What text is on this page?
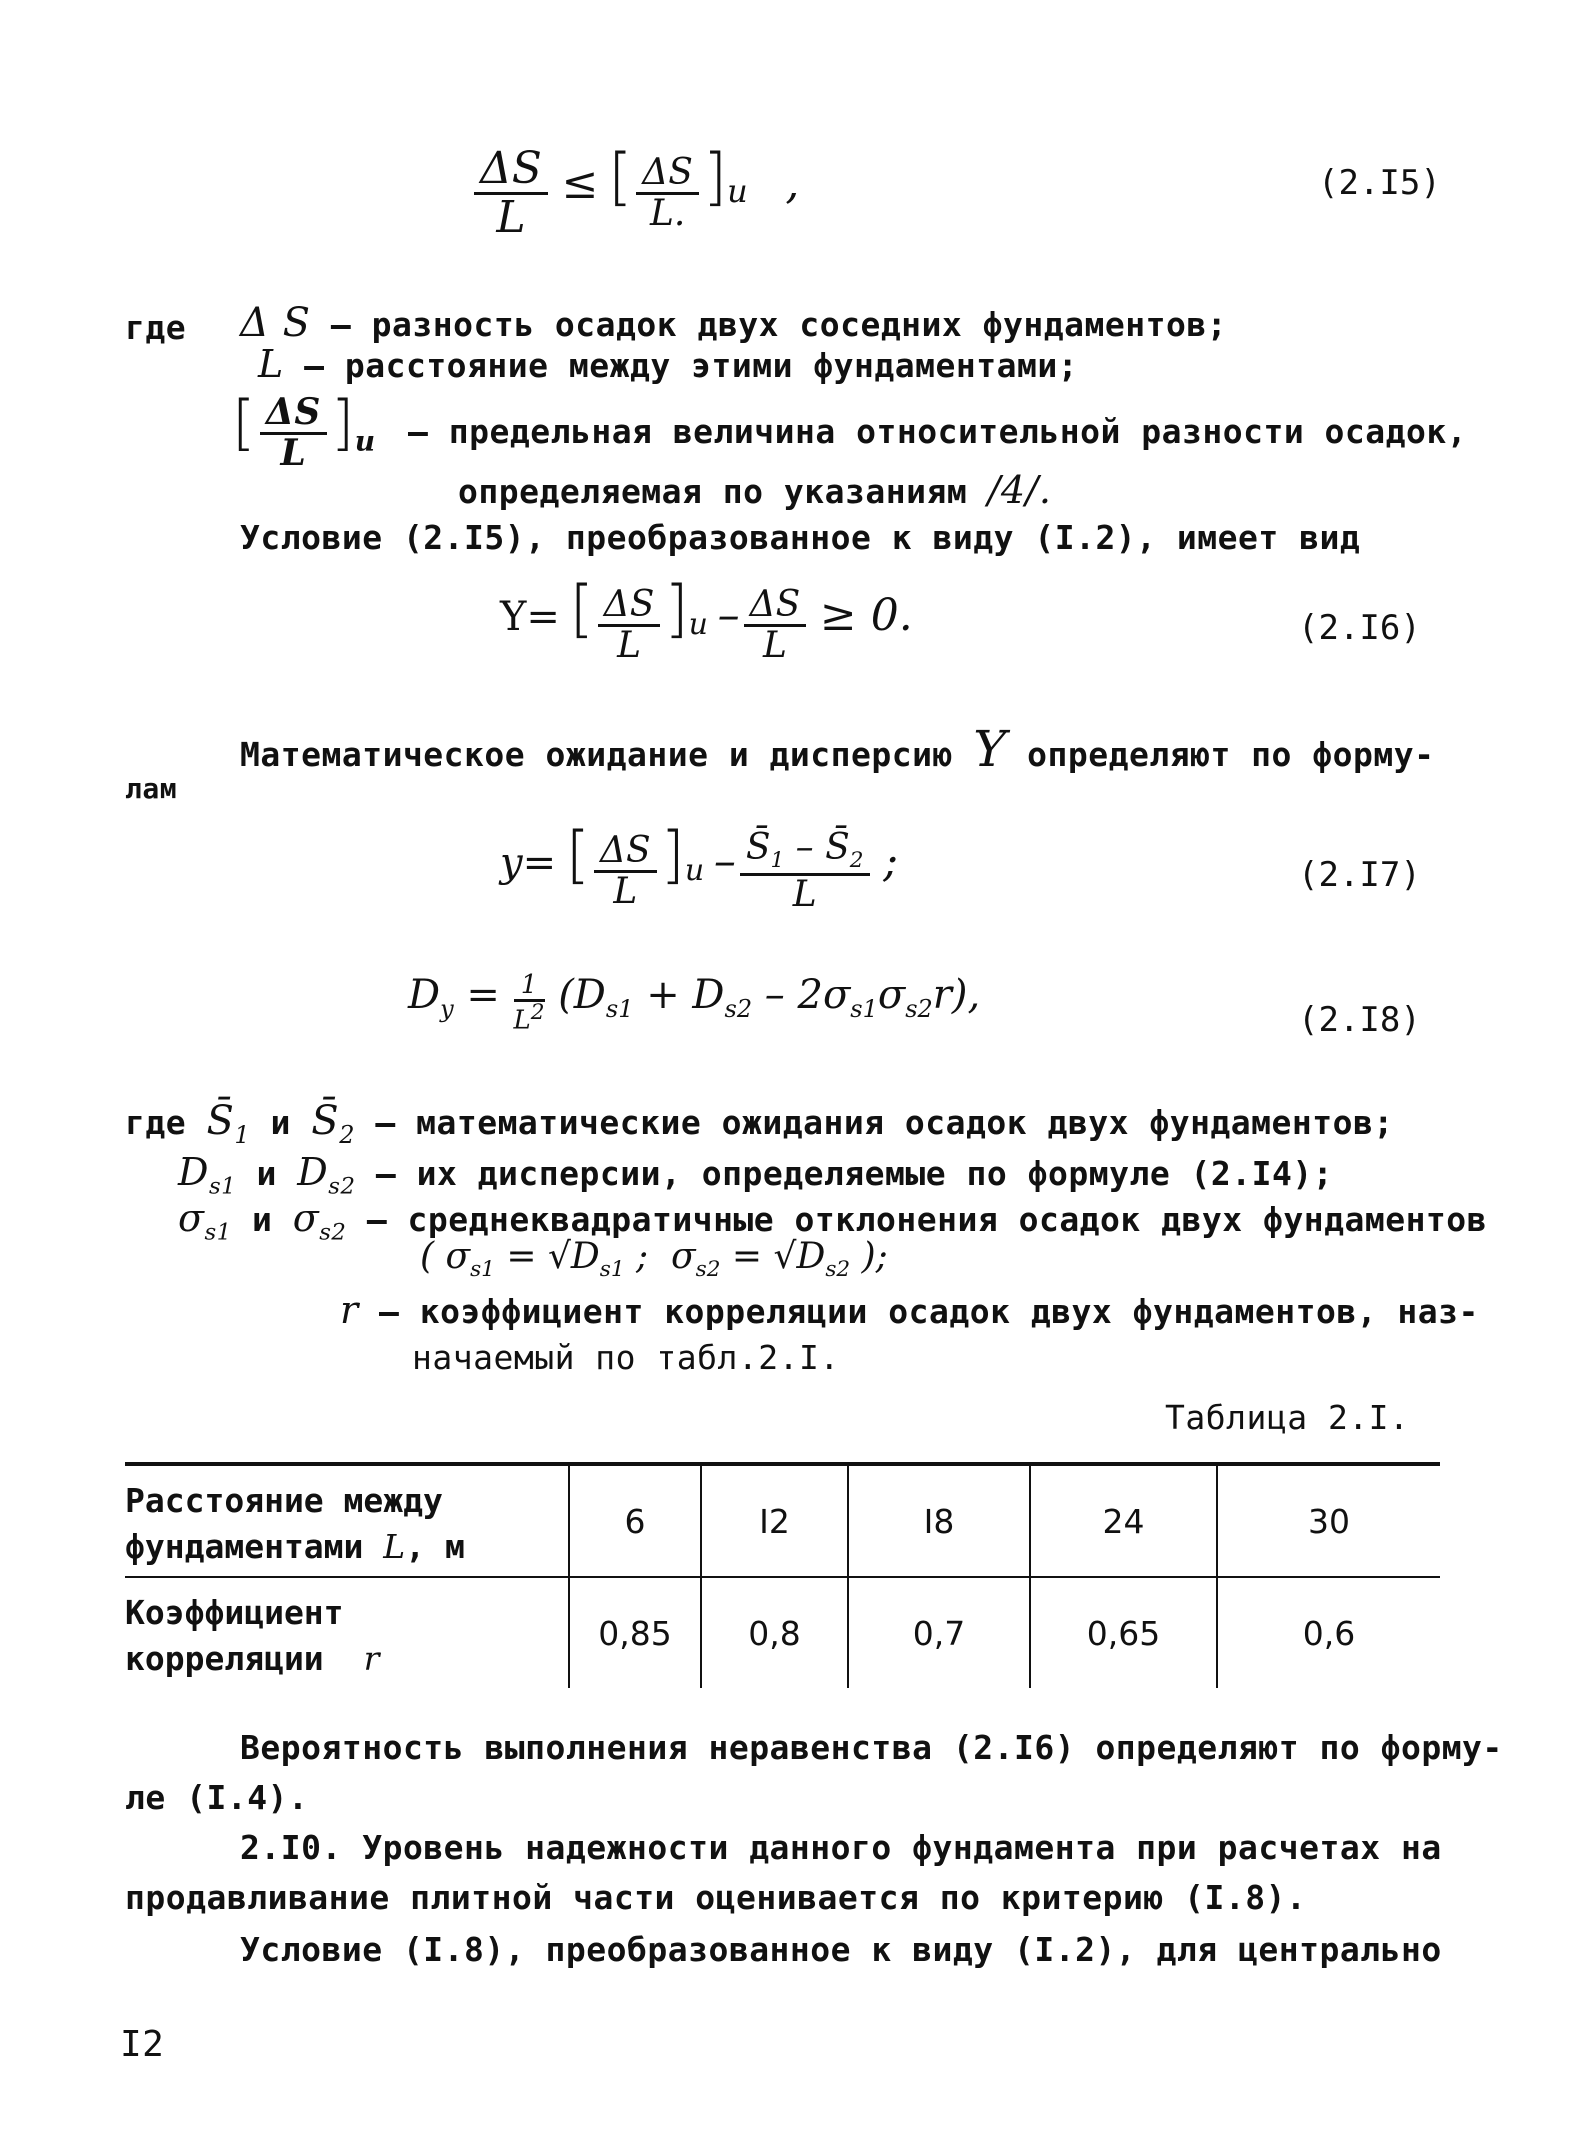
$\frac{\Delta S}{L}$ ≤ [ $\frac{\Delta S}{L.} ]_u$ ,	(2.I5)
где Δ S – разность осадок двух соседних фундаментов;
L – расстояние между этими фундаментами;
[ $\frac{\Delta S}{L} ]_u$ – предельная величина относительной разности осадок,
определяемая по указаниям /4/.
Условие (2.I5), преобразованное к виду (I.2), имеет вид
Y= [ $\frac{\Delta S}{L} ]_u - \frac{\Delta S}{L} \ge 0$.	(2.I6)
Математическое ожидание и дисперсию Y определяют по форму-
лам
y= [ $\frac{\Delta S}{L} ]_u - \frac{S̄_1 - S̄_2}{L}$ ;	(2.I7)
$D_y = \frac{1}{L^2} (D_{s1} + D_{s2} - 2\sigma_{s1}\sigma_{s2}r)$,
(2.I8)
где $S̄_1$ и $S̄_2$ – математические ожидания осадок двух фундаментов;
$D_{s1}$ и $D_{s2}$ – их дисперсии, определяемые по формуле (2.I4);
$\sigma_{s1}$ и $\sigma_{s2}$ – среднеквадратичные отклонения осадок двух фундаментов
( $\sigma_{s1} = √D_{s1}$ ;  $\sigma_{s2} = √D_{s2}$ );
r – коэффициент корреляции осадок двух фундаментов, наз-
начаемый по табл.2.I.
Таблица 2.I.
Расстояние между
фундаментами L, м	6	I2	I8	24	30
Коэффициент
корреляции r	0,85	0,8	0,7	0,65	0,6
Вероятность выполнения неравенства (2.I6) определяют по форму-
ле (I.4).
2.I0. Уровень надежности данного фундамента при расчетах на
продавливание плитной части оценивается по критерию (I.8).
Условие (I.8), преобразованное к виду (I.2), для центрально
I2
